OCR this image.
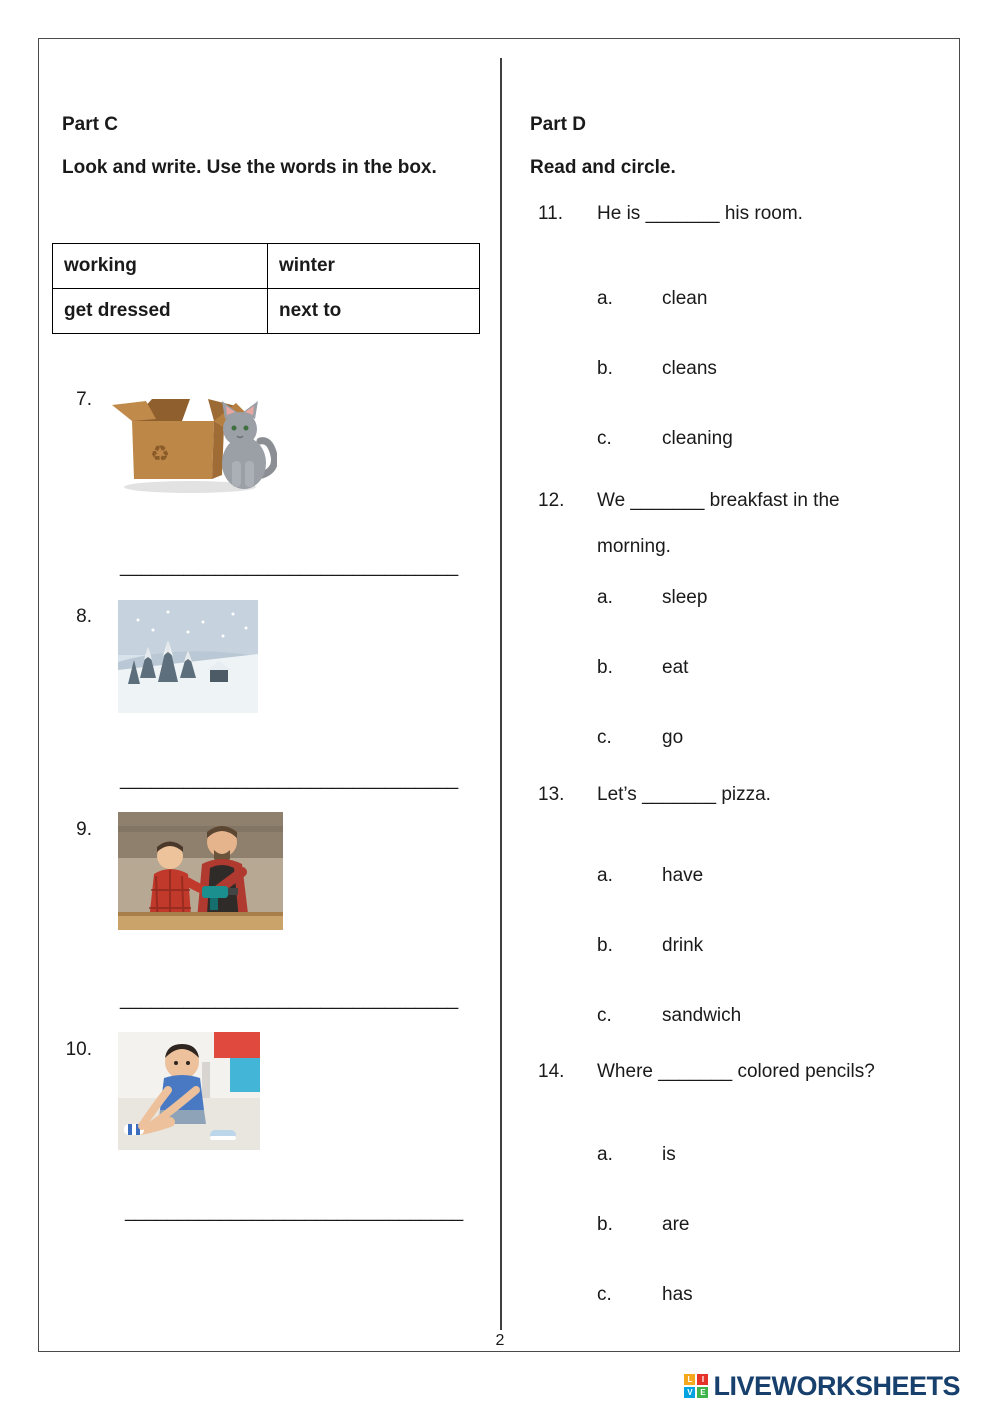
Part C
Look and write. Use the words in the box.
working	winter
get dressed	next to
7.
♻
________________________________
8.
________________________________
9.
________________________________
10.
________________________________
Part D
Read and circle.
11. He is _______ his room.
a.	clean
b.	cleans
c.	cleaning
12. We _______ breakfast in the morning.
a.	sleep
b.	eat
c.	go
13. Let’s _______ pizza.
a.	have
b.	drink
c.	sandwich
14. Where _______ colored pencils?
a.	is
b.	are
c.	has
2
L	I
V E LIVEWORKSHEETS
